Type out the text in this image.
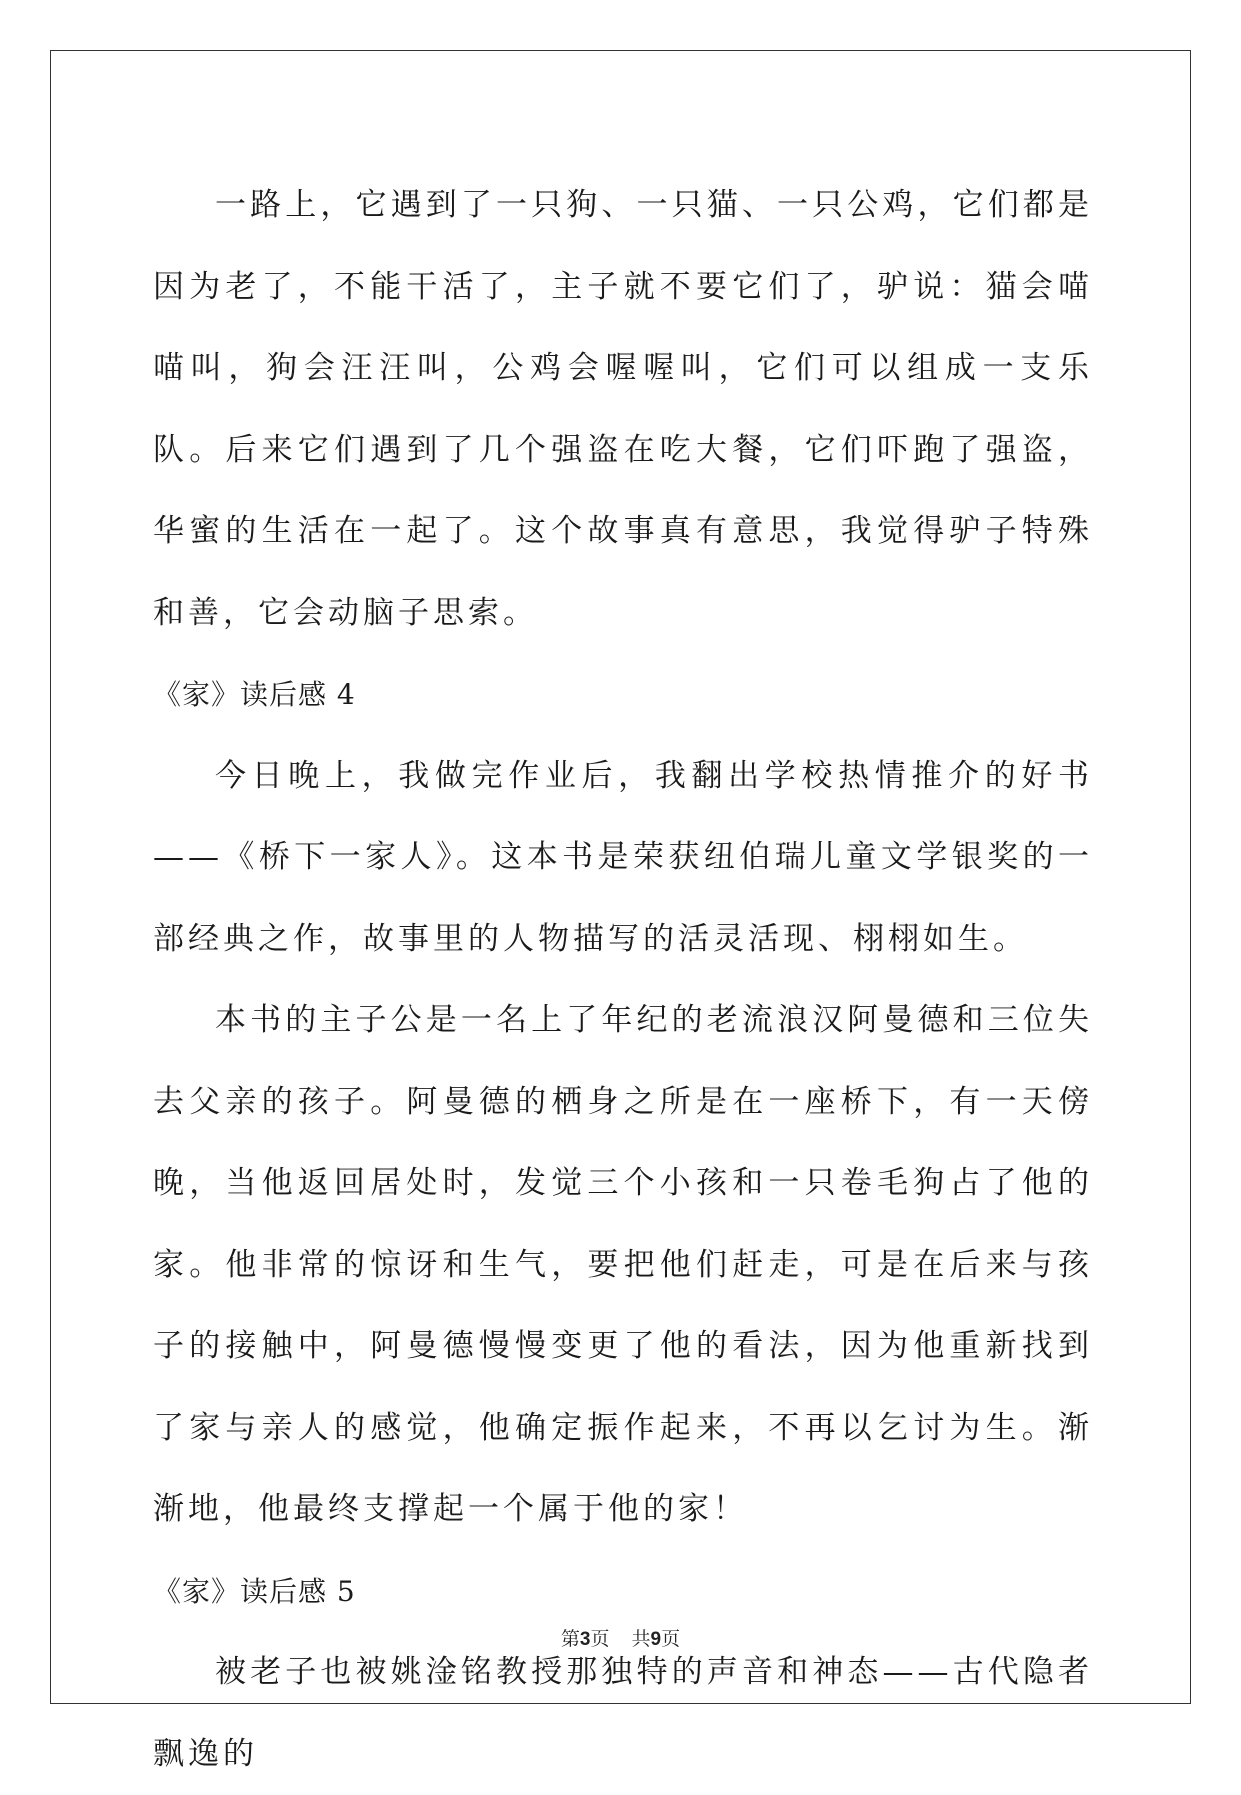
一路上，它遇到了一只狗、一只猫、一只公鸡，它们都是因为老了，不能干活了，主子就不要它们了，驴说：猫会喵喵叫，狗会汪汪叫，公鸡会喔喔叫，它们可以组成一支乐队。后来它们遇到了几个强盗在吃大餐，它们吓跑了强盗，华蜜的生活在一起了。这个故事真有意思，我觉得驴子特殊和善，它会动脑子思索。

《家》读后感 4

今日晚上，我做完作业后，我翻出学校热情推介的好书——《桥下一家人》。这本书是荣获纽伯瑞儿童文学银奖的一部经典之作，故事里的人物描写的活灵活现、栩栩如生。

本书的主子公是一名上了年纪的老流浪汉阿曼德和三位失去父亲的孩子。阿曼德的栖身之所是在一座桥下，有一天傍晚，当他返回居处时，发觉三个小孩和一只卷毛狗占了他的家。他非常的惊讶和生气，要把他们赶走，可是在后来与孩子的接触中，阿曼德慢慢变更了他的看法，因为他重新找到了家与亲人的感觉，他确定振作起来，不再以乞讨为生。渐渐地，他最终支撑起一个属于他的家！

《家》读后感 5

被老子也被姚淦铭教授那独特的声音和神态——古代隐者飘逸的

第3页 共9页
